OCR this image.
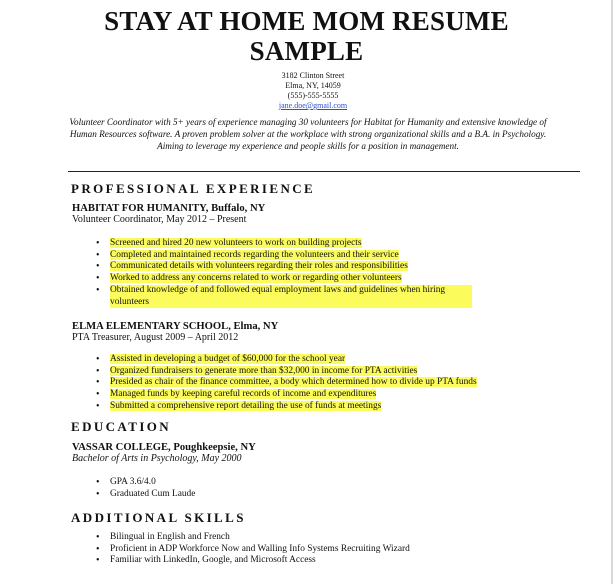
STAY AT HOME MOM RESUME
SAMPLE
3182 Clinton Street
Elma, NY, 14059
(555)-555-5555
jane.doe@gmail.com
Volunteer Coordinator with 5+ years of experience managing 30 volunteers for Habitat for Humanity and extensive knowledge of Human Resources software. A proven problem solver at the workplace with strong organizational skills and a B.A. in Psychology. Aiming to leverage my experience and people skills for a position in management.
PROFESSIONAL EXPERIENCE
HABITAT FOR HUMANITY, Buffalo, NY
Volunteer Coordinator, May 2012 – Present
• Screened and hired 20 new volunteers to work on building projects
• Completed and maintained records regarding the volunteers and their service
• Communicated details with volunteers regarding their roles and responsibilities
• Worked to address any concerns related to work or regarding other volunteers
• Obtained knowledge of and followed equal employment laws and guidelines when hiring volunteers
ELMA ELEMENTARY SCHOOL, Elma, NY
PTA Treasurer, August 2009 – April 2012
• Assisted in developing a budget of $60,000 for the school year
• Organized fundraisers to generate more than $32,000 in income for PTA activities
• Presided as chair of the finance committee, a body which determined how to divide up PTA funds
• Managed funds by keeping careful records of income and expenditures
• Submitted a comprehensive report detailing the use of funds at meetings
EDUCATION
VASSAR COLLEGE, Poughkeepsie, NY
Bachelor of Arts in Psychology, May 2000
• GPA 3.6/4.0
• Graduated Cum Laude
ADDITIONAL SKILLS
• Bilingual in English and French
• Proficient in ADP Workforce Now and Walling Info Systems Recruiting Wizard
• Familiar with LinkedIn, Google, and Microsoft Access
